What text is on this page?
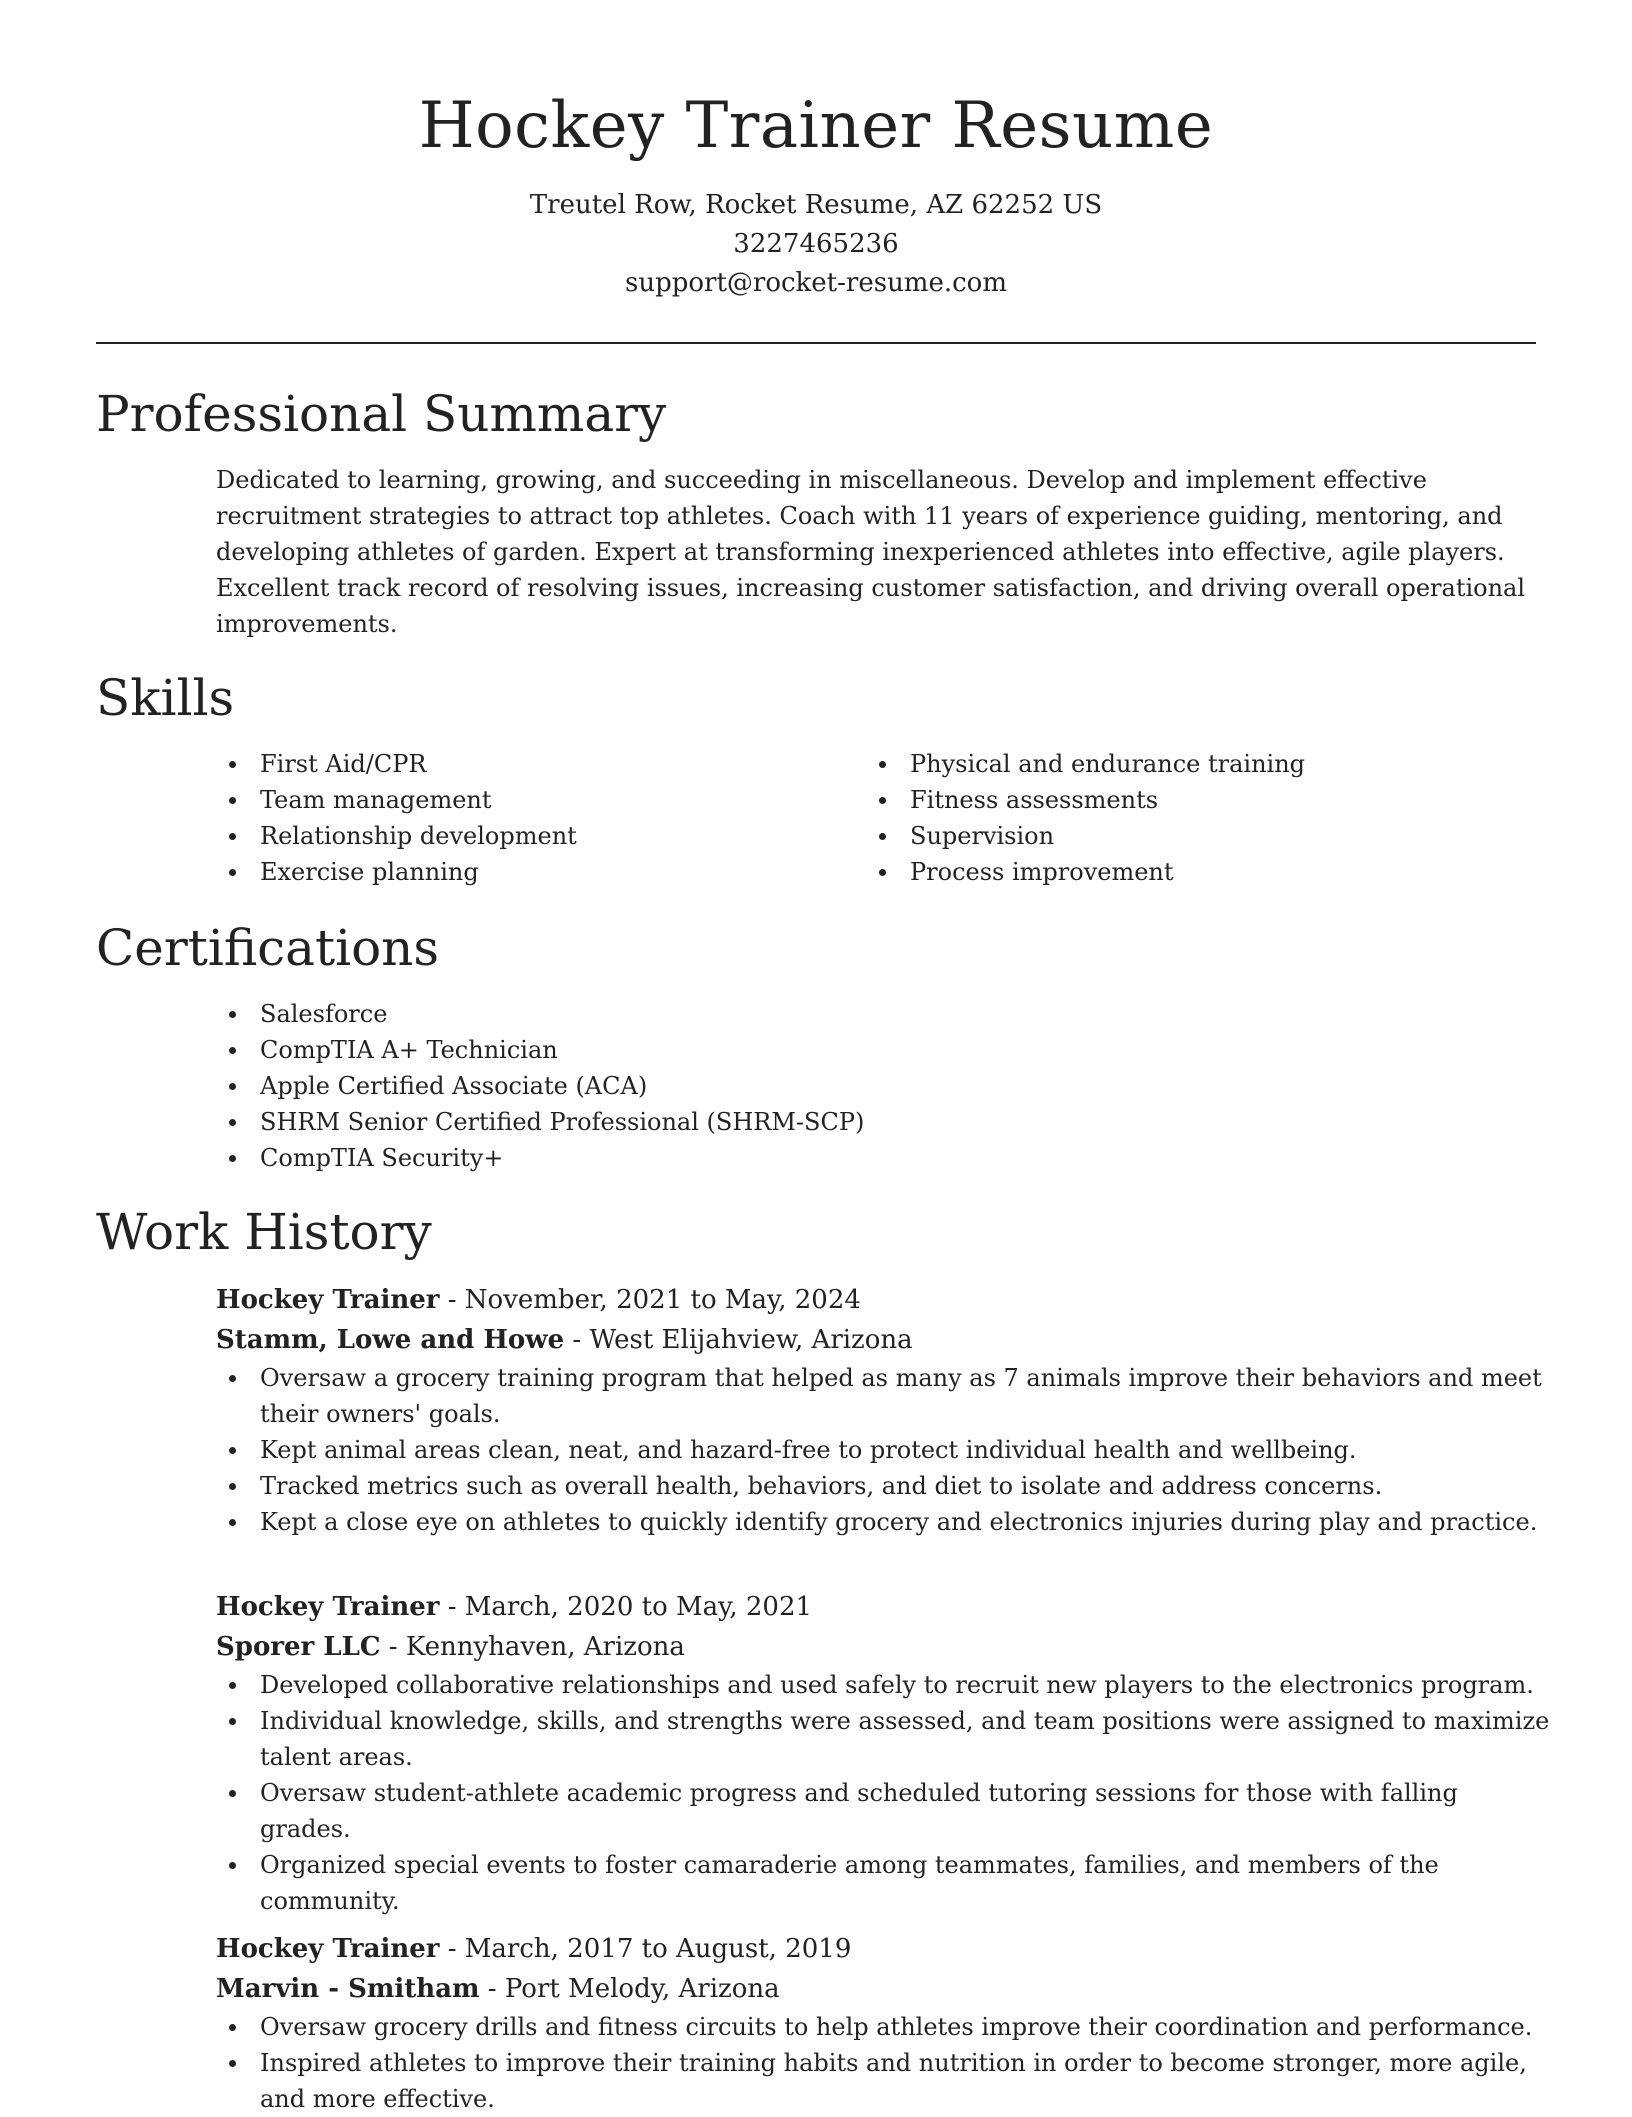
Hockey Trainer Resume
Treutel Row, Rocket Resume, AZ 62252 US
3227465236
support@rocket-resume.com
Professional Summary

Dedicated to learning, growing, and succeeding in miscellaneous. Develop and implement effective recruitment strategies to attract top athletes. Coach with 11 years of experience guiding, mentoring, and developing athletes of garden. Expert at transforming inexperienced athletes into effective, agile players. Excellent track record of resolving issues, increasing customer satisfaction, and driving overall operational improvements.

Skills
First Aid/CPR
Team management
Relationship development
Exercise planning
Physical and endurance training
Fitness assessments
Supervision
Process improvement
Certifications
Salesforce
CompTIA A+ Technician
Apple Certified Associate (ACA)
SHRM Senior Certified Professional (SHRM-SCP)
CompTIA Security+
Work History
Hockey Trainer - November, 2021 to May, 2024
Stamm, Lowe and Howe - West Elijahview, Arizona
Oversaw a grocery training program that helped as many as 7 animals improve their behaviors and meet their owners' goals.
Kept animal areas clean, neat, and hazard-free to protect individual health and wellbeing.
Tracked metrics such as overall health, behaviors, and diet to isolate and address concerns.
Kept a close eye on athletes to quickly identify grocery and electronics injuries during play and practice.
Hockey Trainer - March, 2020 to May, 2021
Sporer LLC - Kennyhaven, Arizona
Developed collaborative relationships and used safely to recruit new players to the electronics program.
Individual knowledge, skills, and strengths were assessed, and team positions were assigned to maximize talent areas.
Oversaw student-athlete academic progress and scheduled tutoring sessions for those with falling grades.
Organized special events to foster camaraderie among teammates, families, and members of the community.
Hockey Trainer - March, 2017 to August, 2019
Marvin - Smitham - Port Melody, Arizona
Oversaw grocery drills and fitness circuits to help athletes improve their coordination and performance.
Inspired athletes to improve their training habits and nutrition in order to become stronger, more agile, and more effective.
